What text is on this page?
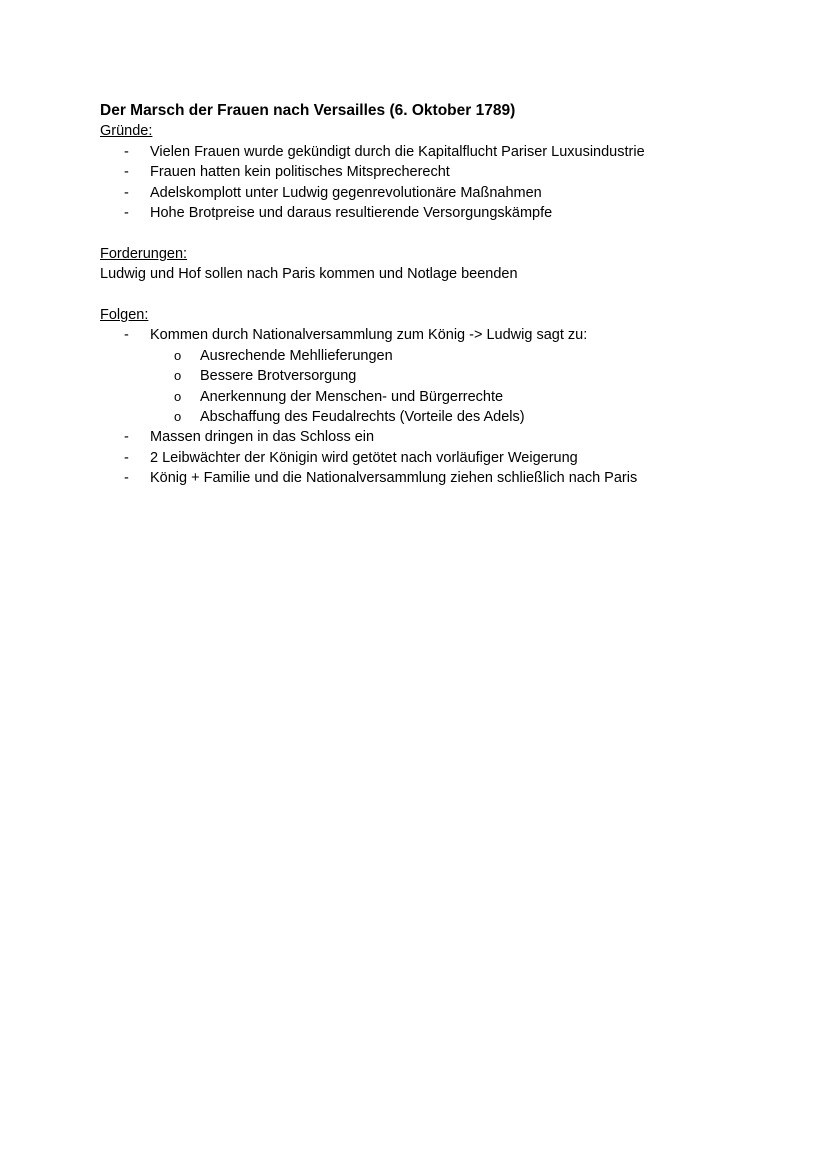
Der Marsch der Frauen nach Versailles (6. Oktober 1789)

Gründe:

- Vielen Frauen wurde gekündigt durch die Kapitalflucht Pariser Luxusindustrie
- Frauen hatten kein politisches Mitsprecherecht
- Adelskomplott unter Ludwig gegenrevolutionäre Maßnahmen
- Hohe Brotpreise und daraus resultierende Versorgungskämpfe

Forderungen:

Ludwig und Hof sollen nach Paris kommen und Notlage beenden

Folgen:

- Kommen durch Nationalversammlung zum König -> Ludwig sagt zu:
o Ausrechende Mehllieferungen
o Bessere Brotversorgung
o Anerkennung der Menschen- und Bürgerrechte
o Abschaffung des Feudalrechts (Vorteile des Adels)
- Massen dringen in das Schloss ein
- 2 Leibwächter der Königin wird getötet nach vorläufiger Weigerung
- König + Familie und die Nationalversammlung ziehen schließlich nach Paris
